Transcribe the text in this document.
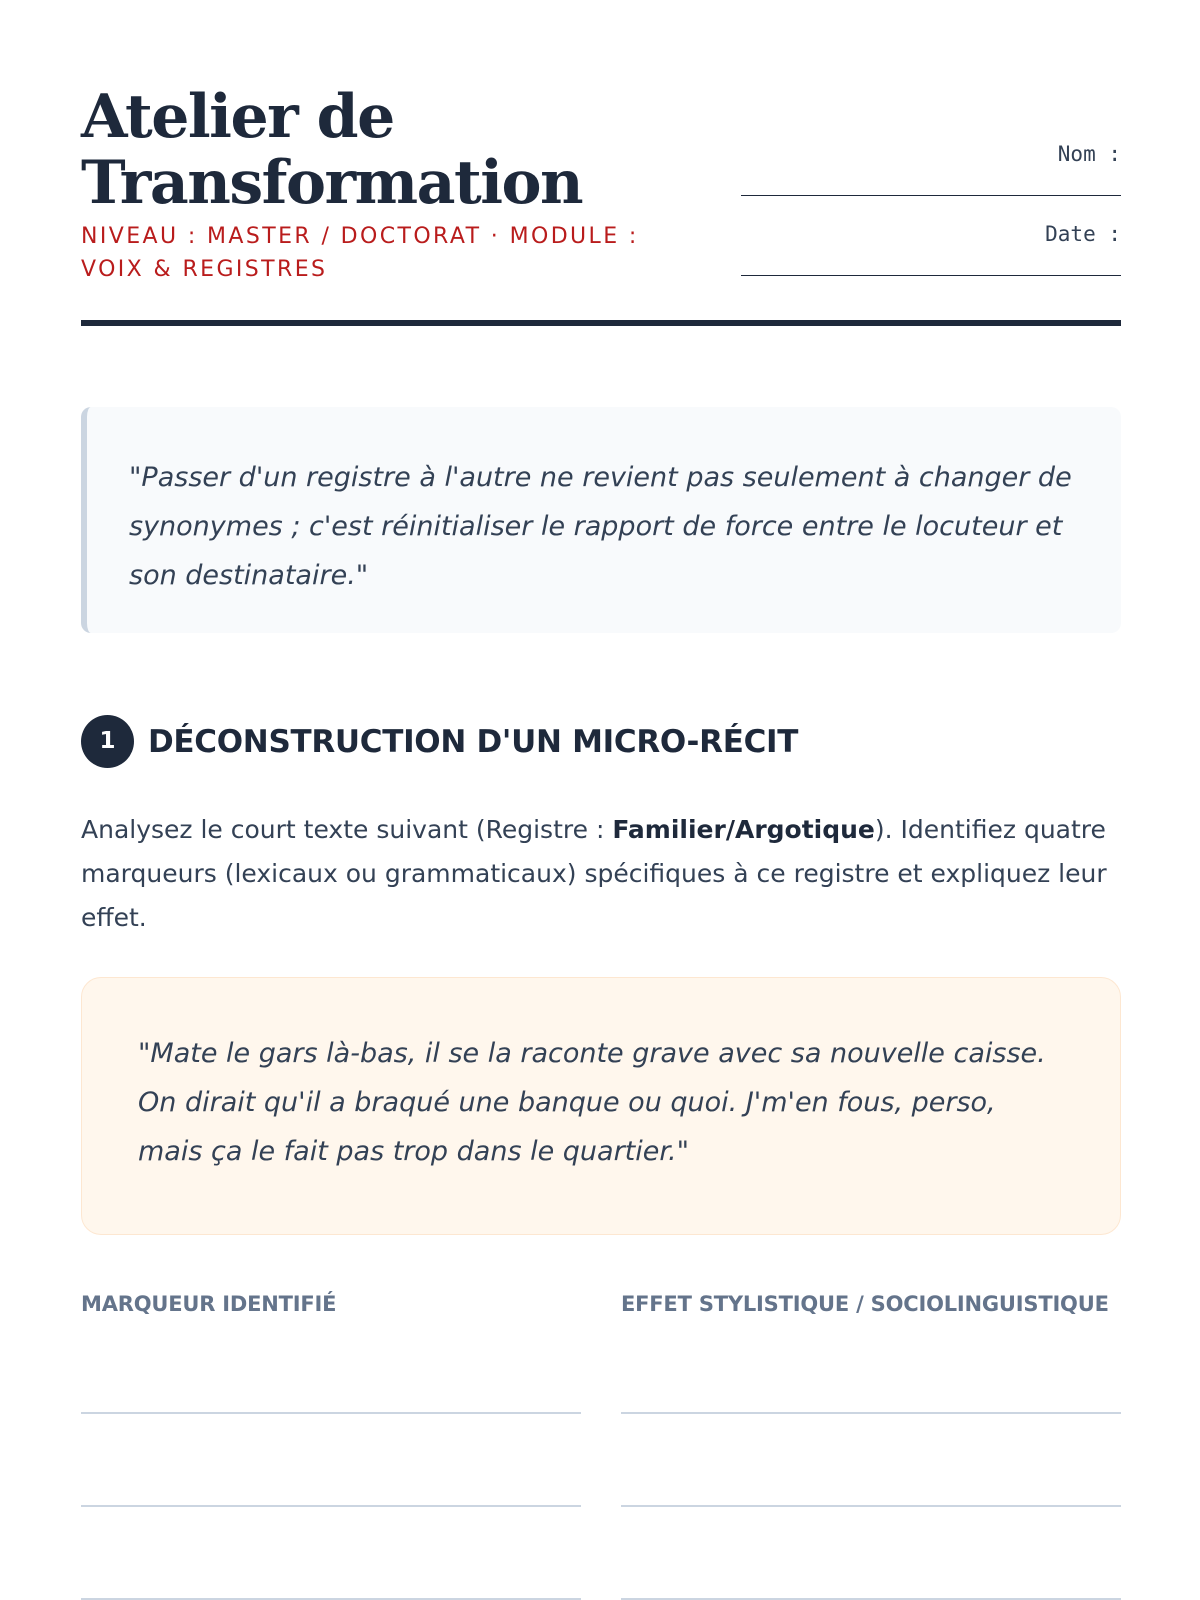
Atelier de
Transformation
NIVEAU : MASTER / DOCTORAT · MODULE : VOIX & REGISTRES
Nom :
Date :

"Passer d'un registre à l'autre ne revient pas seulement à changer de synonymes ; c'est réinitialiser le rapport de force entre le locuteur et son destinataire."

1	DÉCONSTRUCTION D'UN MICRO-RÉCIT

Analysez le court texte suivant (Registre : Familier/Argotique). Identifiez quatre marqueurs (lexicaux ou grammaticaux) spécifiques à ce registre et expliquez leur effet.

"Mate le gars là-bas, il se la raconte grave avec sa nouvelle caisse. On dirait qu'il a braqué une banque ou quoi. J'm'en fous, perso, mais ça le fait pas trop dans le quartier."

MARQUEUR IDENTIFIÉ	EFFET STYLISTIQUE / SOCIOLINGUISTIQUE
